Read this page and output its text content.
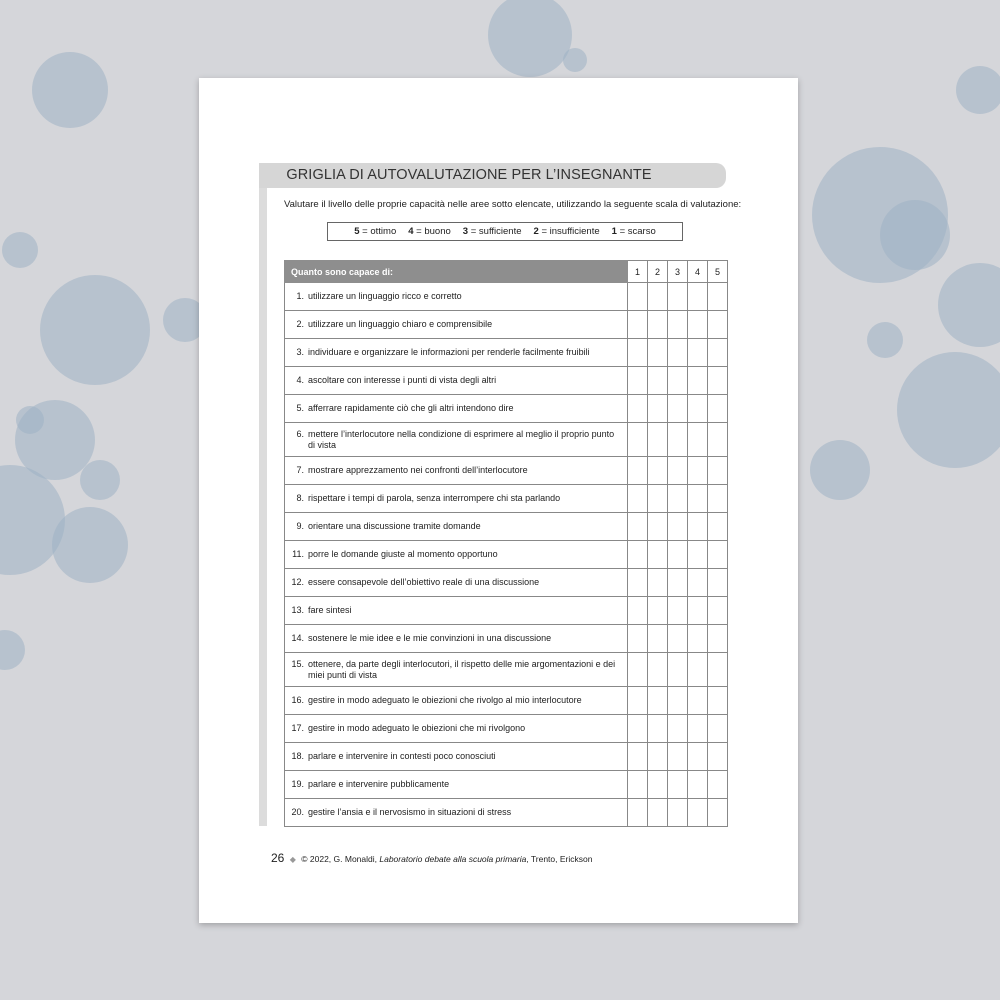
GRIGLIA DI AUTOVALUTAZIONE PER L’INSEGNANTE
Valutare il livello delle proprie capacità nelle aree sotto elencate, utilizzando la seguente scala di valutazione:
5 = ottimo 4 = buono 3 = sufficiente 2 = insufficiente 1 = scarso
Quanto sono capace di:	1	2	3	4	5

1. utilizzare un linguaggio ricco e corretto					

2. utilizzare un linguaggio chiaro e comprensibile					

3. individuare e organizzare le informazioni per renderle facilmente fruibili					

4. ascoltare con interesse i punti di vista degli altri					

5. afferrare rapidamente ciò che gli altri intendono dire					

6. mettere l’interlocutore nella condizione di esprimere al meglio il proprio punto di vista					

7. mostrare apprezzamento nei confronti dell’interlocutore					

8. rispettare i tempi di parola, senza interrompere chi sta parlando					

9. orientare una discussione tramite domande					

11. porre le domande giuste al momento opportuno					

12. essere consapevole dell’obiettivo reale di una discussione					

13. fare sintesi					

14. sostenere le mie idee e le mie convinzioni in una discussione					

15. ottenere, da parte degli interlocutori, il rispetto delle mie argomentazioni e dei miei punti di vista					

16. gestire in modo adeguato le obiezioni che rivolgo al mio interlocutore					

17. gestire in modo adeguato le obiezioni che mi rivolgono					

18. parlare e intervenire in contesti poco conosciuti					

19. parlare e intervenire pubblicamente					

20. gestire l’ansia e il nervosismo in situazioni di stress					

26 ◆ © 2022, G. Monaldi, Laboratorio debate alla scuola primaria, Trento, Erickson
